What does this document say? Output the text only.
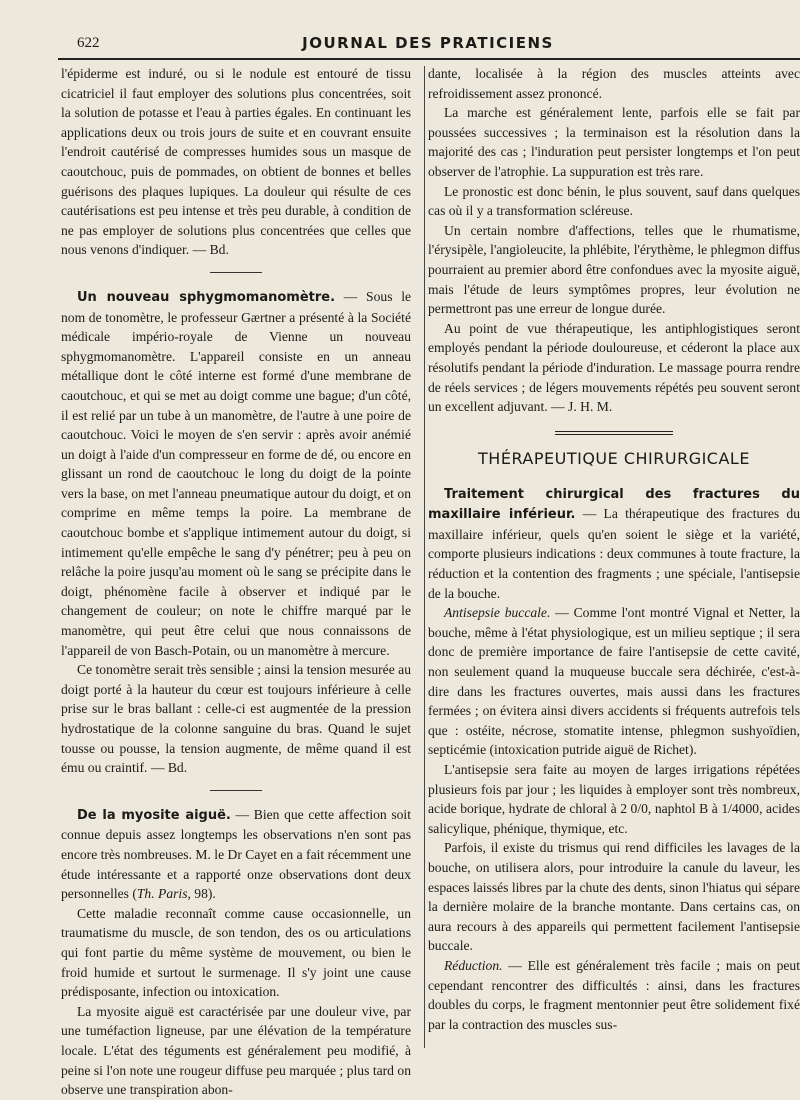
622	JOURNAL DES PRATICIENS

l'épiderme est induré, ou si le nodule est entouré de tissu cicatriciel il faut employer des solutions plus concentrées, soit la solution de potasse et l'eau à parties égales. En continuant les applications deux ou trois jours de suite et en couvrant ensuite l'endroit cautérisé de compresses humides sous un masque de caoutchouc, puis de pommades, on obtient de bonnes et belles guérisons des plaques lupiques. La douleur qui résulte de ces cautérisations est peu intense et très peu durable, à condition de ne pas employer de solutions plus concentrées que celles que nous venons d'indiquer. — Bd.

Un nouveau sphygmomanomètre. — Sous le nom de tonomètre, le professeur Gærtner a présenté à la Société médicale império-royale de Vienne un nouveau sphygmomanomètre. L'appareil consiste en un anneau métallique dont le côté interne est formé d'une membrane de caoutchouc, et qui se met au doigt comme une bague; d'un côté, il est relié par un tube à un manomètre, de l'autre à une poire de caoutchouc. Voici le moyen de s'en servir : après avoir anémié un doigt à l'aide d'un compresseur en forme de dé, ou encore en glissant un rond de caoutchouc le long du doigt de la pointe vers la base, on met l'anneau pneumatique autour du doigt, et on comprime en même temps la poire. La membrane de caoutchouc bombe et s'applique intimement autour du doigt, si intimement qu'elle empêche le sang d'y pénétrer; peu à peu on relâche la poire jusqu'au moment où le sang se précipite dans le doigt, phénomène facile à observer et indiqué par le changement de couleur; on note le chiffre marqué par le manomètre, qui peut être celui que nous connaissons de l'appareil de von Basch-Potain, ou un manomètre à mercure.

Ce tonomètre serait très sensible ; ainsi la tension mesurée au doigt porté à la hauteur du cœur est toujours inférieure à celle prise sur le bras ballant : celle-ci est augmentée de la pression hydrostatique de la colonne sanguine du bras. Quand le sujet tousse ou pousse, la tension augmente, de même quand il est ému ou craintif. — Bd.

De la myosite aiguë. — Bien que cette affection soit connue depuis assez longtemps les observations n'en sont pas encore très nombreuses. M. le Dr Cayet en a fait récemment une étude intéressante et a rapporté onze observations dont deux personnelles (Th. Paris, 98).

Cette maladie reconnaît comme cause occasionnelle, un traumatisme du muscle, de son tendon, des os ou articulations qui font partie du même système de mouvement, ou bien le froid humide et surtout le surmenage. Il s'y joint une cause prédisposante, infection ou intoxication.

La myosite aiguë est caractérisée par une douleur vive, par une tuméfaction ligneuse, par une élévation de la température locale. L'état des téguments est généralement peu modifié, à peine si l'on note une rougeur diffuse peu marquée ; plus tard on observe une transpiration abon-

dante, localisée à la région des muscles atteints avec refroidissement assez prononcé.

La marche est généralement lente, parfois elle se fait par poussées successives ; la terminaison est la résolution dans la majorité des cas ; l'induration peut persister longtemps et l'on peut observer de l'atrophie. La suppuration est très rare.

Le pronostic est donc bénin, le plus souvent, sauf dans quelques cas où il y a transformation scléreuse.

Un certain nombre d'affections, telles que le rhumatisme, l'érysipèle, l'angioleucite, la phlébite, l'érythème, le phlegmon diffus pourraient au premier abord être confondues avec la myosite aiguë, mais l'étude de leurs symptômes propres, leur évolution ne permettront pas une erreur de longue durée.

Au point de vue thérapeutique, les antiphlogistiques seront employés pendant la période douloureuse, et céderont la place aux résolutifs pendant la période d'induration. Le massage pourra rendre de réels services ; de légers mouvements répétés peu souvent seront un excellent adjuvant. — J. H. M.

THÉRAPEUTIQUE CHIRURGICALE

Traitement chirurgical des fractures du maxillaire inférieur. — La thérapeutique des fractures du maxillaire inférieur, quels qu'en soient le siège et la variété, comporte plusieurs indications : deux communes à toute fracture, la réduction et la contention des fragments ; une spéciale, l'antisepsie de la bouche.

Antisepsie buccale. — Comme l'ont montré Vignal et Netter, la bouche, même à l'état physiologique, est un milieu septique ; il sera donc de première importance de faire l'antisepsie de cette cavité, non seulement quand la muqueuse buccale sera déchirée, c'est-à-dire dans les fractures ouvertes, mais aussi dans les fractures fermées ; on évitera ainsi divers accidents si fréquents autrefois tels que : ostéite, nécrose, stomatite intense, phlegmon sushyoïdien, septicémie (intoxication putride aiguë de Richet).

L'antisepsie sera faite au moyen de larges irrigations répétées plusieurs fois par jour ; les liquides à employer sont très nombreux, acide borique, hydrate de chloral à 2 0/0, naphtol B à 1/4000, acides salicylique, phénique, thymique, etc.

Parfois, il existe du trismus qui rend difficiles les lavages de la bouche, on utilisera alors, pour introduire la canule du laveur, les espaces laissés libres par la chute des dents, sinon l'hiatus qui sépare la dernière molaire de la branche montante. Dans certains cas, on aura recours à des appareils qui permettent facilement l'antisepsie buccale.

Réduction. — Elle est généralement très facile ; mais on peut cependant rencontrer des difficultés : ainsi, dans les fractures doubles du corps, le fragment mentonnier peut être solidement fixé par la contraction des muscles sus-
